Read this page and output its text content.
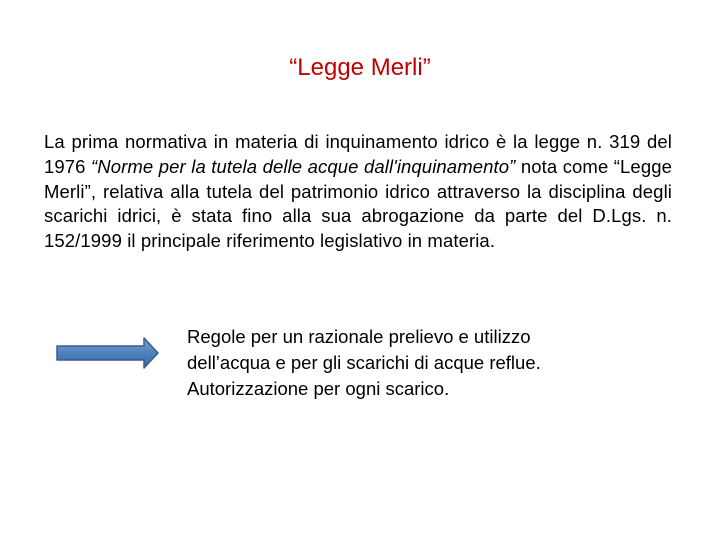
“Legge Merli”

La prima normativa in materia di inquinamento idrico è la legge n. 319 del 1976 “Norme per la tutela delle acque dall'inquinamento” nota come “Legge Merli”, relativa alla tutela del patrimonio idrico attraverso la disciplina degli scarichi idrici, è stata fino alla sua abrogazione da parte del D.Lgs. n. 152/1999 il principale riferimento legislativo in materia.

Regole per un razionale prelievo e utilizzo
dell’acqua e per gli scarichi di acque reflue.
Autorizzazione per ogni scarico.
